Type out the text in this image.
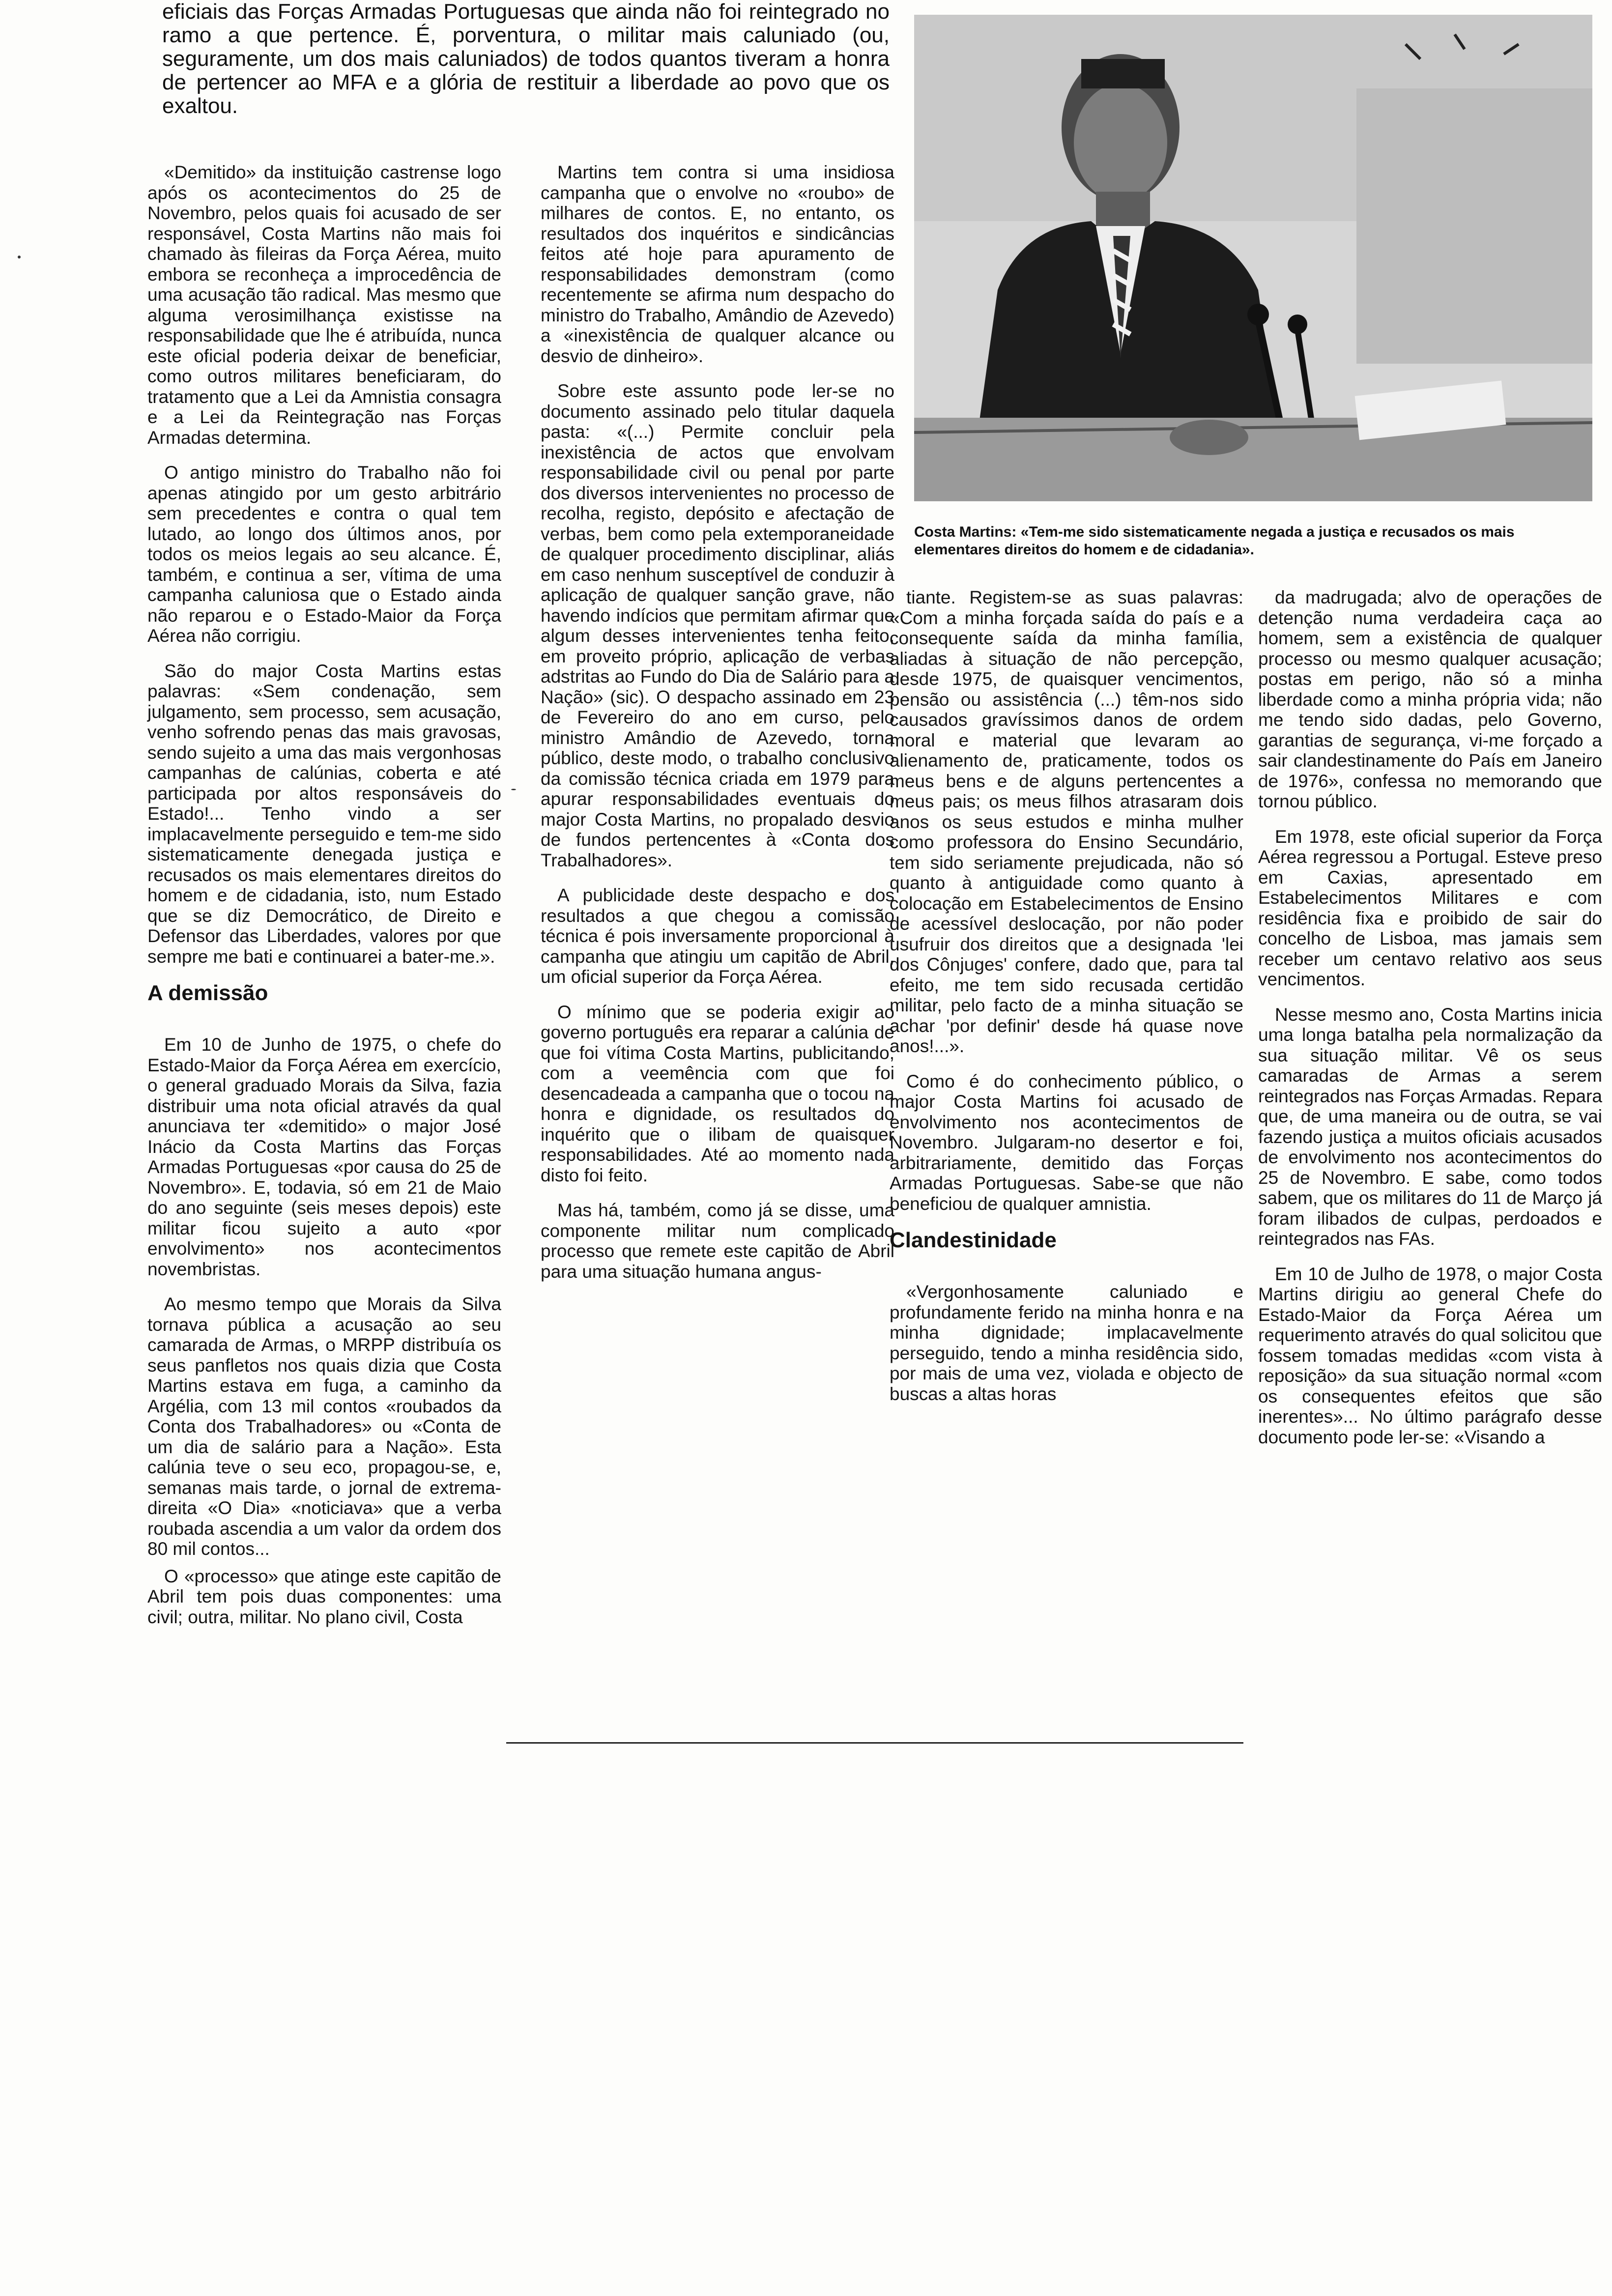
eficiais das Forças Armadas Portuguesas que ainda não foi reintegrado no ramo a que pertence. É, porventura, o militar mais caluniado (ou, seguramente, um dos mais caluniados) de todos quantos tiveram a honra de pertencer ao MFA e a glória de restituir a liberdade ao povo que os exaltou.

Costa Martins: «Tem-me sido sistematicamente negada a justiça e recusados os mais elementares direitos do homem e de cidadania».

«Demitido» da instituição castrense logo após os acontecimentos do 25 de Novembro, pelos quais foi acusado de ser responsável, Costa Martins não mais foi chamado às fileiras da Força Aérea, muito embora se reconheça a improcedência de uma acusação tão radical. Mas mesmo que alguma verosimilhança existisse na responsabilidade que lhe é atribuída, nunca este oficial poderia deixar de beneficiar, como outros militares beneficiaram, do tratamento que a Lei da Amnistia consagra e a Lei da Reintegração nas Forças Armadas determina.

O antigo ministro do Trabalho não foi apenas atingido por um gesto arbitrário sem precedentes e contra o qual tem lutado, ao longo dos últimos anos, por todos os meios legais ao seu alcance. É, também, e continua a ser, vítima de uma campanha caluniosa que o Estado ainda não reparou e o Estado-Maior da Força Aérea não corrigiu.

São do major Costa Martins estas palavras: «Sem condenação, sem julgamento, sem processo, sem acusação, venho sofrendo penas das mais gravosas, sendo sujeito a uma das mais vergonhosas campanhas de calúnias, coberta e até participada por altos responsáveis do Estado!... Tenho vindo a ser implacavelmente perseguido e tem-me sido sistematicamente denegada justiça e recusados os mais elementares direitos do homem e de cidadania, isto, num Estado que se diz Democrático, de Direito e Defensor das Liberdades, valores por que sempre me bati e continuarei a bater-me.».

A demissão

Em 10 de Junho de 1975, o chefe do Estado-Maior da Força Aérea em exercício, o general graduado Morais da Silva, fazia distribuir uma nota oficial através da qual anunciava ter «demitido» o major José Inácio da Costa Martins das Forças Armadas Portuguesas «por causa do 25 de Novembro». E, todavia, só em 21 de Maio do ano seguinte (seis meses depois) este militar ficou sujeito a auto «por envolvimento» nos acontecimentos novembristas.

Ao mesmo tempo que Morais da Silva tornava pública a acusação ao seu camarada de Armas, o MRPP distribuía os seus panfletos nos quais dizia que Costa Martins estava em fuga, a caminho da Argélia, com 13 mil contos «roubados da Conta dos Trabalhadores» ou «Conta de um dia de salário para a Nação». Esta calúnia teve o seu eco, propagou-se, e, semanas mais tarde, o jornal de extrema-direita «O Dia» «noticiava» que a verba roubada ascendia a um valor da ordem dos 80 mil contos...

O «processo» que atinge este capitão de Abril tem pois duas componentes: uma civil; outra, militar. No plano civil, Costa

Martins tem contra si uma insidiosa campanha que o envolve no «roubo» de milhares de contos. E, no entanto, os resultados dos inquéritos e sindicâncias feitos até hoje para apuramento de responsabilidades demonstram (como recentemente se afirma num despacho do ministro do Trabalho, Amândio de Azevedo) a «inexistência de qualquer alcance ou desvio de dinheiro».

Sobre este assunto pode ler-se no documento assinado pelo titular daquela pasta: «(...) Permite concluir pela inexistência de actos que envolvam responsabilidade civil ou penal por parte dos diversos intervenientes no processo de recolha, registo, depósito e afectação de verbas, bem como pela extemporaneidade de qualquer procedimento disciplinar, aliás em caso nenhum susceptível de conduzir à aplicação de qualquer sanção grave, não havendo indícios que permitam afirmar que algum desses intervenientes tenha feito, em proveito próprio, aplicação de verbas adstritas ao Fundo do Dia de Salário para a Nação» (sic). O despacho assinado em 23 de Fevereiro do ano em curso, pelo ministro Amândio de Azevedo, torna público, deste modo, o trabalho conclusivo da comissão técnica criada em 1979 para apurar responsabilidades eventuais do major Costa Martins, no propalado desvio de fundos pertencentes à «Conta dos Trabalhadores».

A publicidade deste despacho e dos resultados a que chegou a comissão técnica é pois inversamente proporcional à campanha que atingiu um capitão de Abril, um oficial superior da Força Aérea.

O mínimo que se poderia exigir ao governo português era reparar a calúnia de que foi vítima Costa Martins, publicitando, com a veemência com que foi desencadeada a campanha que o tocou na honra e dignidade, os resultados do inquérito que o ilibam de quaisquer responsabilidades. Até ao momento nada disto foi feito.

Mas há, também, como já se disse, uma componente militar num complicado processo que remete este capitão de Abril para uma situação humana angus-

tiante. Registem-se as suas palavras: «Com a minha forçada saída do país e a consequente saída da minha família, aliadas à situação de não percepção, desde 1975, de quaisquer vencimentos, pensão ou assistência (...) têm-nos sido causados gravíssimos danos de ordem moral e material que levaram ao alienamento de, praticamente, todos os meus bens e de alguns pertencentes a meus pais; os meus filhos atrasaram dois anos os seus estudos e minha mulher como professora do Ensino Secundário, tem sido seriamente prejudicada, não só quanto à antiguidade como quanto à colocação em Estabelecimentos de Ensino de acessível deslocação, por não poder usufruir dos direitos que a designada 'lei dos Cônjuges' confere, dado que, para tal efeito, me tem sido recusada certidão militar, pelo facto de a minha situação se achar 'por definir' desde há quase nove anos!...».

Como é do conhecimento público, o major Costa Martins foi acusado de envolvimento nos acontecimentos de Novembro. Julgaram-no desertor e foi, arbitrariamente, demitido das Forças Armadas Portuguesas. Sabe-se que não beneficiou de qualquer amnistia.

Clandestinidade

«Vergonhosamente caluniado e profundamente ferido na minha honra e na minha dignidade; implacavelmente perseguido, tendo a minha residência sido, por mais de uma vez, violada e objecto de buscas a altas horas

da madrugada; alvo de operações de detenção numa verdadeira caça ao homem, sem a existência de qualquer processo ou mesmo qualquer acusação; postas em perigo, não só a minha liberdade como a minha própria vida; não me tendo sido dadas, pelo Governo, garantias de segurança, vi-me forçado a sair clandestinamente do País em Janeiro de 1976», confessa no memorando que tornou público.

Em 1978, este oficial superior da Força Aérea regressou a Portugal. Esteve preso em Caxias, apresentado em Estabelecimentos Militares e com residência fixa e proibido de sair do concelho de Lisboa, mas jamais sem receber um centavo relativo aos seus vencimentos.

Nesse mesmo ano, Costa Martins inicia uma longa batalha pela normalização da sua situação militar. Vê os seus camaradas de Armas a serem reintegrados nas Forças Armadas. Repara que, de uma maneira ou de outra, se vai fazendo justiça a muitos oficiais acusados de envolvimento nos acontecimentos do 25 de Novembro. E sabe, como todos sabem, que os militares do 11 de Março já foram ilibados de culpas, perdoados e reintegrados nas FAs.

Em 10 de Julho de 1978, o major Costa Martins dirigiu ao general Chefe do Estado-Maior da Força Aérea um requerimento através do qual solicitou que fossem tomadas medidas «com vista à reposição» da sua situação normal «com os consequentes efeitos que são inerentes»... No último parágrafo desse documento pode ler-se: «Visando a
